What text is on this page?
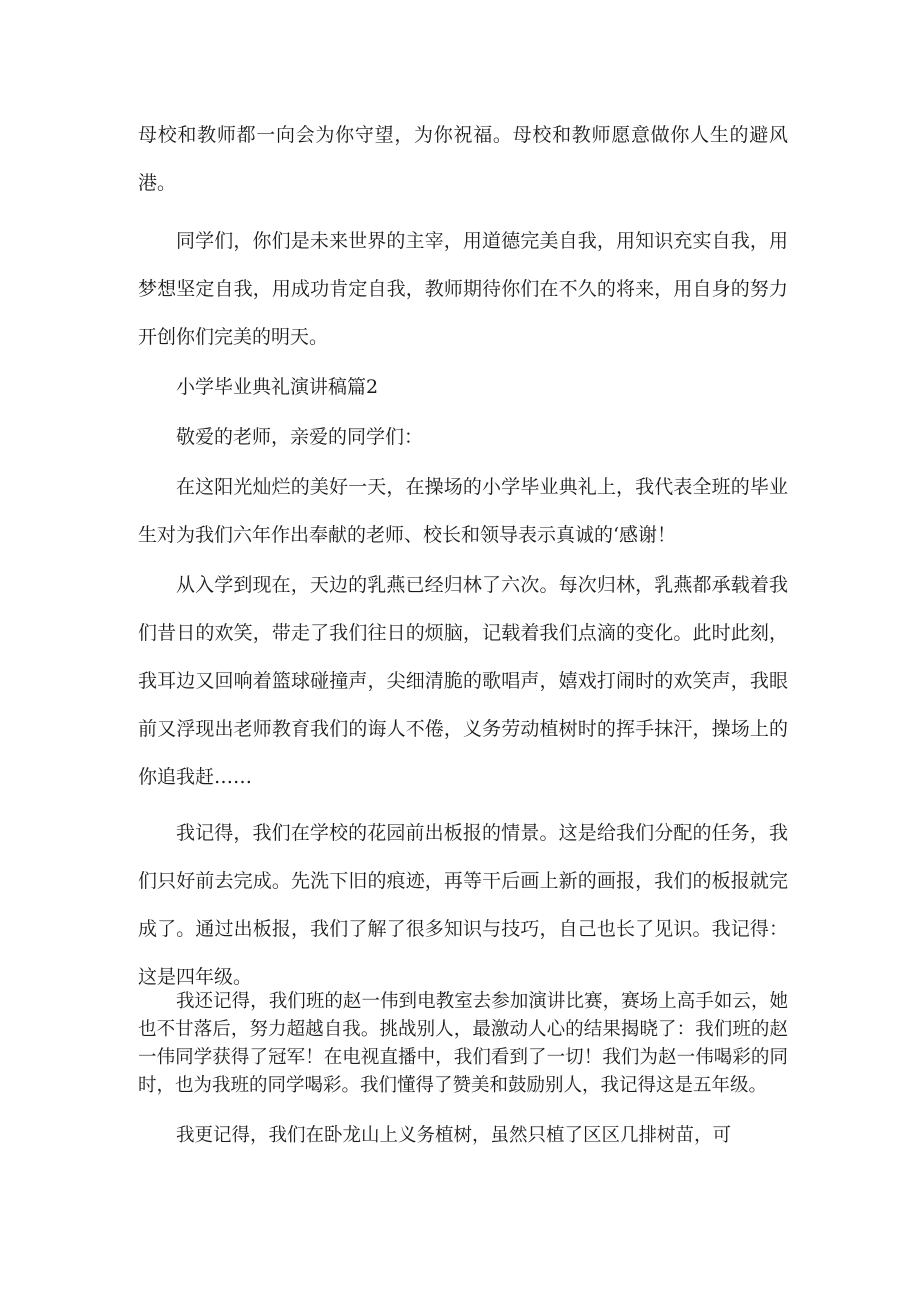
母校和教师都一向会为你守望，为你祝福。母校和教师愿意做你人生的避风港。

同学们，你们是未来世界的主宰，用道德完美自我，用知识充实自我，用梦想坚定自我，用成功肯定自我，教师期待你们在不久的将来，用自身的努力开创你们完美的明天。

小学毕业典礼演讲稿篇2

敬爱的老师，亲爱的同学们：

在这阳光灿烂的美好一天，在操场的小学毕业典礼上，我代表全班的毕业生对为我们六年作出奉献的老师、校长和领导表示真诚的‘感谢！

从入学到现在，天边的乳燕已经归林了六次。每次归林，乳燕都承载着我们昔日的欢笑，带走了我们往日的烦脑，记载着我们点滴的变化。此时此刻，我耳边又回响着篮球碰撞声，尖细清脆的歌唱声，嬉戏打闹时的欢笑声，我眼前又浮现出老师教育我们的诲人不倦，义务劳动植树时的挥手抹汗，操场上的你追我赶……

我记得，我们在学校的花园前出板报的情景。这是给我们分配的任务，我们只好前去完成。先洗下旧的痕迹，再等干后画上新的画报，我们的板报就完成了。通过出板报，我们了解了很多知识与技巧，自己也长了见识。我记得：这是四年级。

我还记得，我们班的赵一伟到电教室去参加演讲比赛，赛场上高手如云，她也不甘落后，努力超越自我。挑战别人，最激动人心的结果揭晓了：我们班的赵一伟同学获得了冠军！在电视直播中，我们看到了一切！我们为赵一伟喝彩的同时，也为我班的同学喝彩。我们懂得了赞美和鼓励别人，我记得这是五年级。

我更记得，我们在卧龙山上义务植树，虽然只植了区区几排树苗，可
